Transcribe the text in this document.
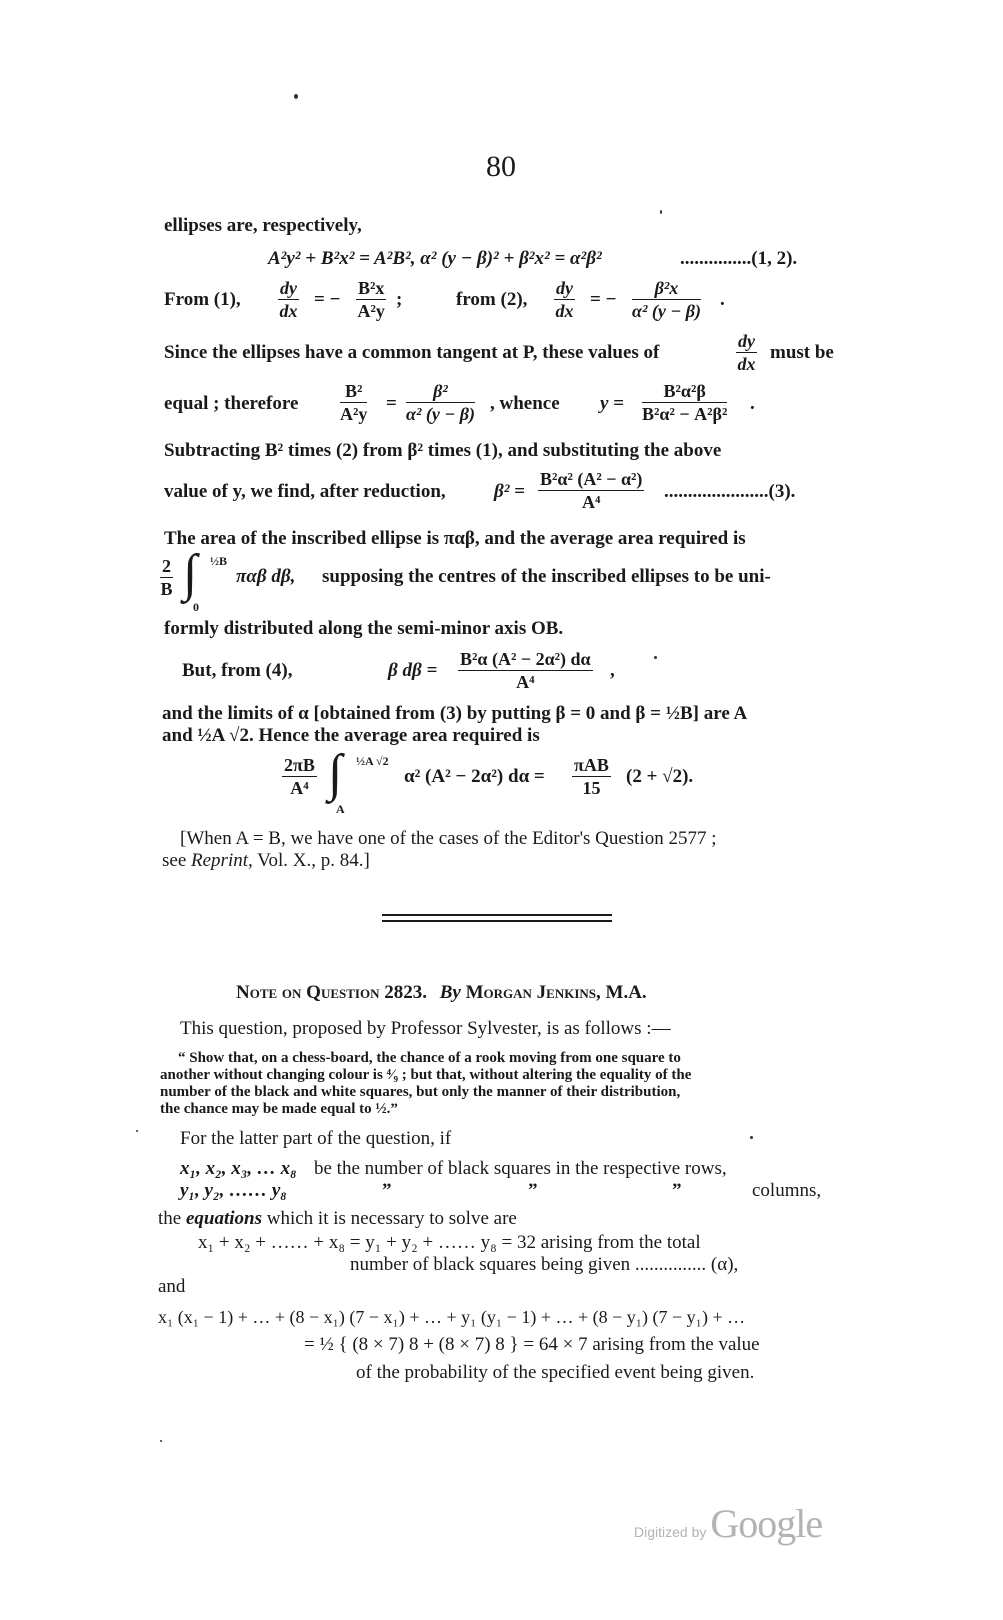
80
ellipses are, respectively,
A²y² + B²x² = A²B², α² (y − β)² + β²x² = α²β²	...............(1, 2).
From (1), $\frac{dy}{dx}$ = − $\frac{\text{B²x}}{\text{A²y}}$ ;	from (2), $\frac{dy}{dx}$ = − $\frac{\text{β²x}}{\text{α² (y − β)}}$ .
Since the ellipses have a common tangent at P, these values of	$\frac{dy}{dx}$ must be
equal ; therefore $\frac{\text{B²}}{\text{A²y}} = \frac{\text{β²}}{\text{α² (y − β)}}$ , whence $y = \frac{\text{B²α²β}}{\text{B²α² − A²β²}}$ .
Subtracting B² times (2) from β² times (1), and substituting the above
value of y, we find, after reduction,	$\beta^2 = \frac{\text{B²α² (A² − α²)}}{\text{A⁴}} ......................(3)$.
The area of the inscribed ellipse is παβ, and the average area required is
$\frac{2}{B}$ ∫ ½B
0
παβ dβ, supposing the centres of the inscribed ellipses to be uni-
formly distributed along the semi-minor axis OB.
But, from (4),	β $d\beta = \frac{\text{B²α (A² − 2α²) dα}}{\text{A⁴}}$ ,
and the limits of α [obtained from (3) by putting β = 0 and β = ½B] are A
and ½A √2. Hence the average area required is
$\frac{2\pi B}{\text{A⁴}}$ ∫ ½A √2
A
α² (A² − 2α²) dα =
πAB
15
(2 + √2).
[When A = B, we have one of the cases of the Editor's Question 2577 ;
see Reprint, Vol. X., p. 84.]
Note on Question 2823. By Morgan Jenkins, M.A.
This question, proposed by Professor Sylvester, is as follows :—
“ Show that, on a chess-board, the chance of a rook moving from one square to
another without changing colour is ⁴⁄₉ ; but that, without altering the equality of the
number of the black and white squares, but only the manner of their distribution,
the chance may be made equal to ½.”
For the latter part of the question, if
x₁, x₂, x₃, … x₈ be the number of black squares in the respective rows,
y₁, y₂, …… y₈	”	”	”	columns,
the equations which it is necessary to solve are
x₁ + x₂ + …… + x₈ = y₁ + y₂ + …… y₈ = 32 arising from the total
number of black squares being given ............... (α),
and
x₁ (x₁ − 1) + … + (8 − x₁) (7 − x₁) + … + y₁ (y₁ − 1) + … + (8 − y₁) (7 − y₁) + …
= ½ { (8 × 7) 8 + (8 × 7) 8 } = 64 × 7 arising from the value
of the probability of the specified event being given.
Digitized by Google
